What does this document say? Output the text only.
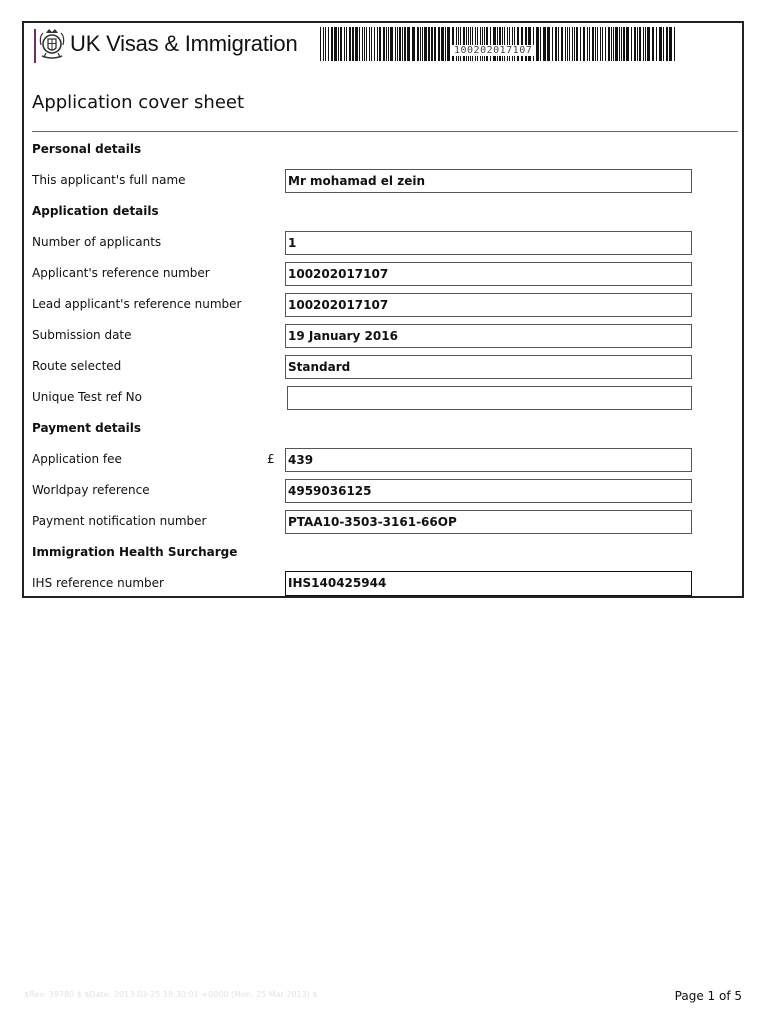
UK Visas & Immigration	100202017107
Application cover sheet
Personal details
This applicant's full name	Mr mohamad el zein
Application details
Number of applicants	1
Applicant's reference number	100202017107
Lead applicant's reference number	100202017107
Submission date	19 January 2016
Route selected	Standard
Unique Test ref No
Payment details
Application fee	£ 439
Worldpay reference	4959036125
Payment notification number	PTAA10-3503-3161-66OP
Immigration Health Surcharge
IHS reference number	IHS140425944
$Rev: 39780 $ $Date: 2013-03-25 18:30:01 +0000 (Mon, 25 Mar 2013) $	Page 1 of 5
